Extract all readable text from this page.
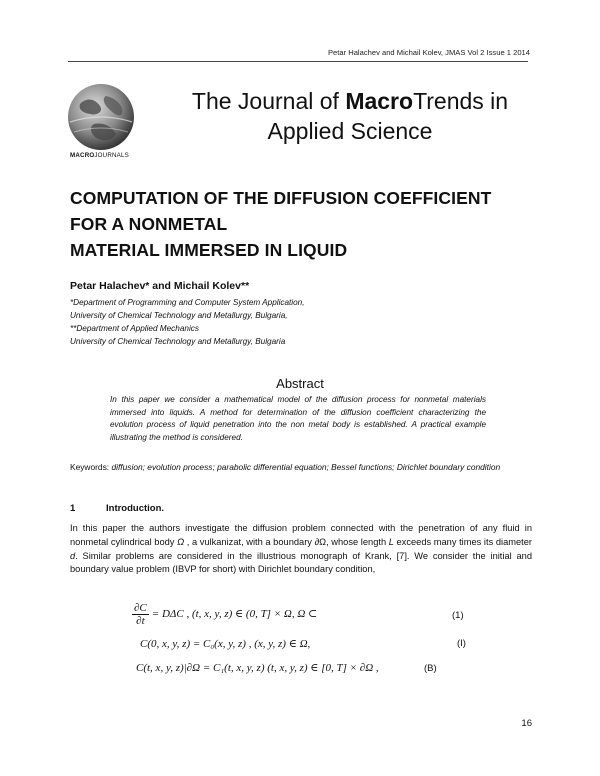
Petar Halachev and Michail Kolev, JMAS Vol 2 Issue 1 2014
MACROJOURNALS
The Journal of MacroTrends in
Applied Science
COMPUTATION OF THE DIFFUSION COEFFICIENT
FOR A NONMETAL
MATERIAL IMMERSED IN LIQUID
Petar Halachev* and Michail Kolev**
*Department of Programming and Computer System Application,
University of Chemical Technology and Metallurgy, Bulgaria,
**Department of Applied Mechanics
University of Chemical Technology and Metallurgy, Bulgaria
Abstract
In this paper we consider a mathematical model of the diffusion process for nonmetal materials immersed into liquids. A method for determination of the diffusion coefficient characterizing the evolution process of liquid penetration into the non metal body is established. A practical example illustrating the method is considered.
Keywords: diffusion; evolution process; parabolic differential equation; Bessel functions; Dirichlet boundary condition
1	Introduction.
In this paper the authors investigate the diffusion problem connected with the penetration of any fluid in nonmetal cylindrical body Ω , a vulkanizat, with a boundary ∂Ω, whose length L exceeds many times its diameter d. Similar problems are considered in the illustrious monograph of Krank, [7]. We consider the initial and boundary value problem (IBVP for short) with Dirichlet boundary condition,
$\frac{\partial C}{\partial t} = D\Delta C$ , (t, x, y, z) ∈ (0, T] × Ω, Ω ⊂	(1)
C(0, x, y, z) = C₀(x, y, z) , (x, y, z) ∈ Ω,	(I)
C(t, x, y, z)|∂Ω = C₁(t, x, y, z) (t, x, y, z) ∈ [0, T] × ∂Ω ,	(B)
16
